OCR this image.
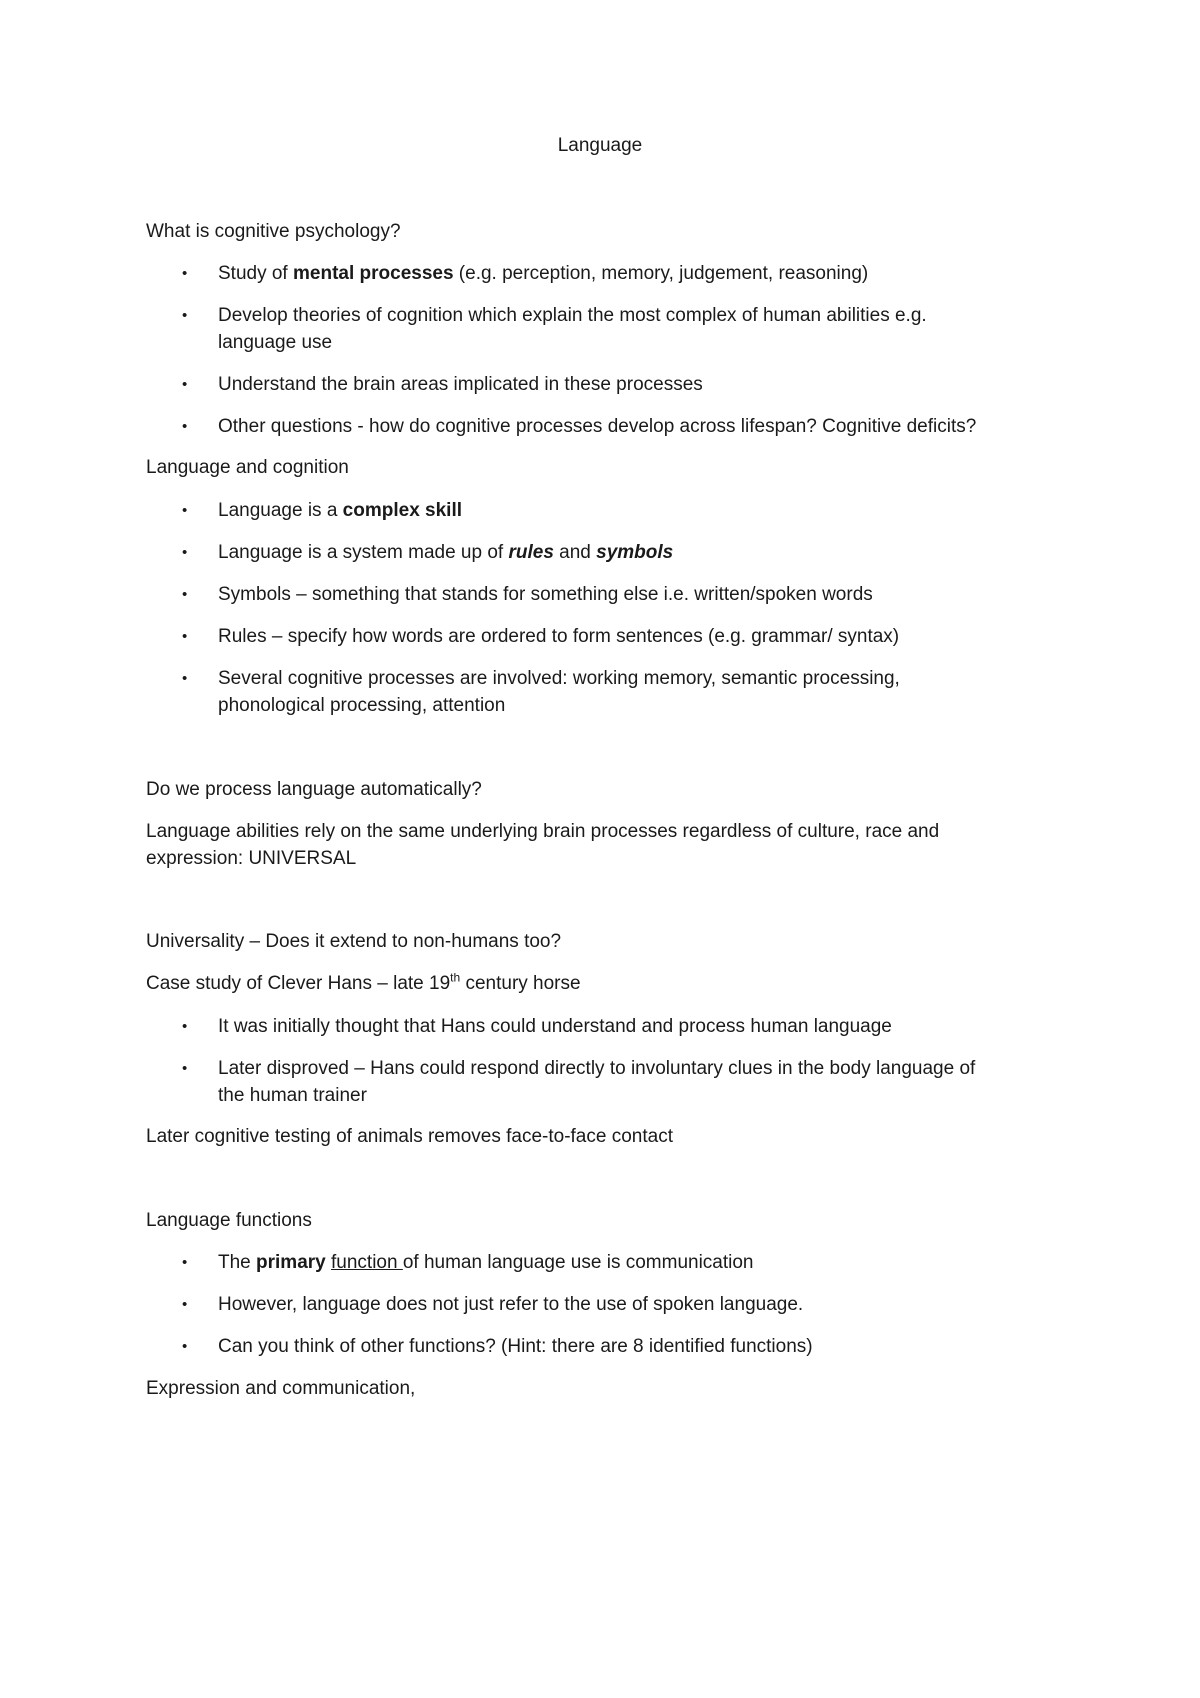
Language
What is cognitive psychology?
• Study of mental processes (e.g. perception, memory, judgement, reasoning)
• Develop theories of cognition which explain the most complex of human abilities e.g.
language use
• Understand the brain areas implicated in these processes
• Other questions - how do cognitive processes develop across lifespan? Cognitive deficits?
Language and cognition
• Language is a complex skill
• Language is a system made up of rules and symbols
• Symbols – something that stands for something else i.e. written/spoken words
• Rules – specify how words are ordered to form sentences (e.g. grammar/ syntax)
• Several cognitive processes are involved: working memory, semantic processing,
phonological processing, attention
Do we process language automatically?
Language abilities rely on the same underlying brain processes regardless of culture, race and
expression: UNIVERSAL
Universality – Does it extend to non-humans too?
Case study of Clever Hans – late 19th century horse
• It was initially thought that Hans could understand and process human language
• Later disproved – Hans could respond directly to involuntary clues in the body language of
the human trainer
Later cognitive testing of animals removes face-to-face contact
Language functions
• The primary function of human language use is communication
• However, language does not just refer to the use of spoken language.
• Can you think of other functions? (Hint: there are 8 identified functions)
Expression and communication,
